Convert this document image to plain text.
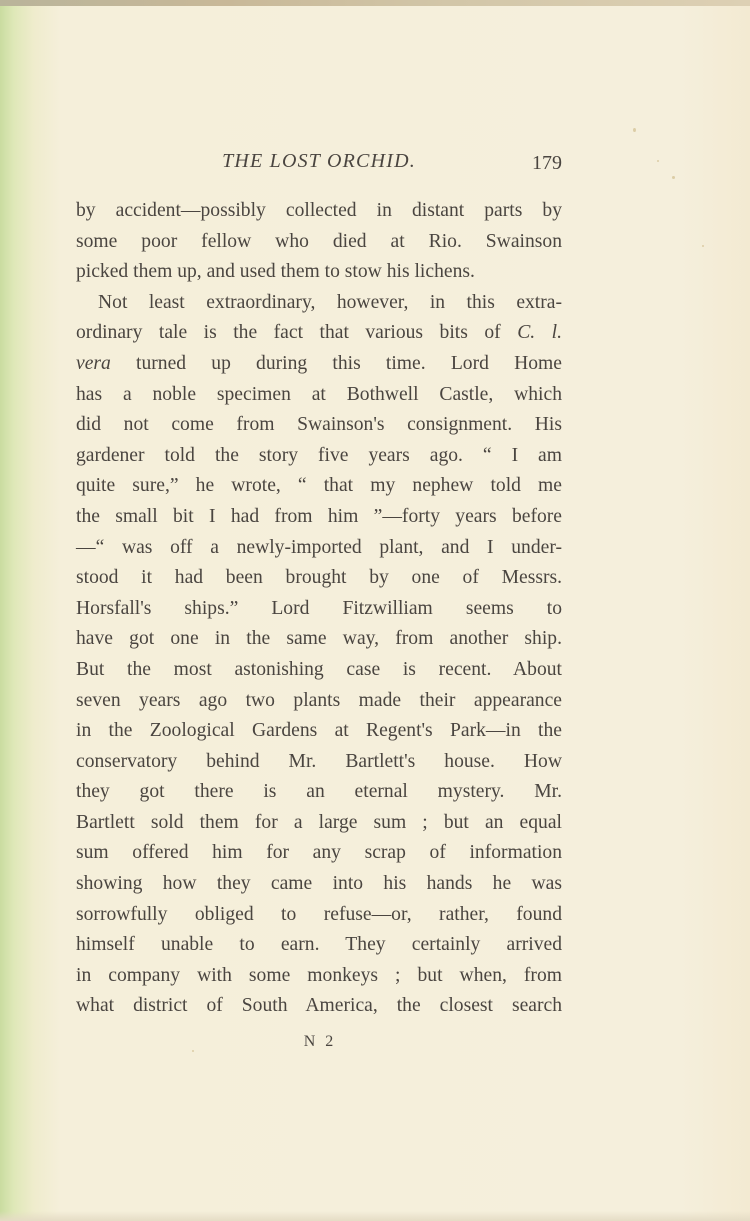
THE LOST ORCHID.	179
by accident—possibly collected in distant parts by
some poor fellow who died at Rio. Swainson
picked them up, and used them to stow his lichens.
Not least extraordinary, however, in this extra-
ordinary tale is the fact that various bits of C. l.
vera turned up during this time. Lord Home
has a noble specimen at Bothwell Castle, which
did not come from Swainson's consignment. His
gardener told the story five years ago. “ I am
quite sure,” he wrote, “ that my nephew told me
the small bit I had from him ”—forty years before
—“ was off a newly-imported plant, and I under-
stood it had been brought by one of Messrs.
Horsfall's ships.” Lord Fitzwilliam seems to
have got one in the same way, from another ship.
But the most astonishing case is recent. About
seven years ago two plants made their appearance
in the Zoological Gardens at Regent's Park—in the
conservatory behind Mr. Bartlett's house. How
they got there is an eternal mystery. Mr.
Bartlett sold them for a large sum ; but an equal
sum offered him for any scrap of information
showing how they came into his hands he was
sorrowfully obliged to refuse—or, rather, found
himself unable to earn. They certainly arrived
in company with some monkeys ; but when, from
what district of South America, the closest search
N 2
